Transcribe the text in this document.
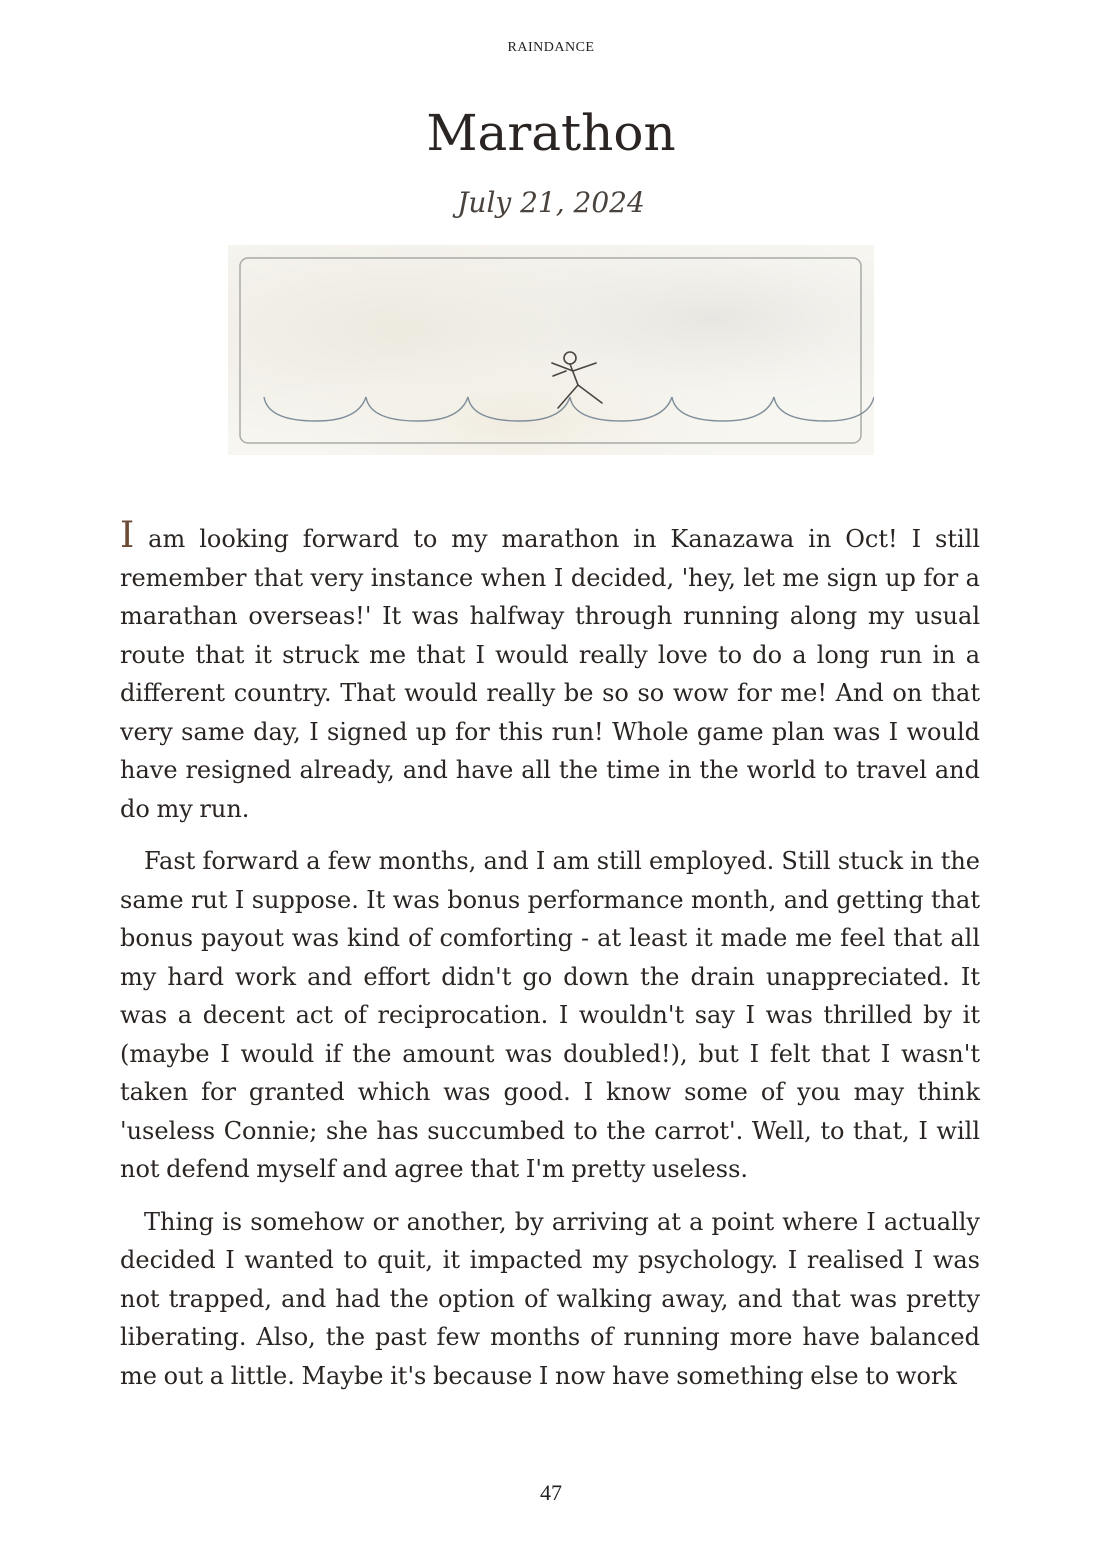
RAINDANCE
Marathon
July 21, 2024

I am looking forward to my marathon in Kanazawa in Oct! I still remember that very instance when I decided, 'hey, let me sign up for a marathan overseas!' It was halfway through running along my usual route that it struck me that I would really love to do a long run in a different country. That would really be so so wow for me! And on that very same day, I signed up for this run! Whole game plan was I would have resigned already, and have all the time in the world to travel and do my run.

Fast forward a few months, and I am still employed. Still stuck in the same rut I suppose. It was bonus performance month, and getting that bonus payout was kind of comforting - at least it made me feel that all my hard work and effort didn't go down the drain unappreciated. It was a decent act of reciprocation. I wouldn't say I was thrilled by it (maybe I would if the amount was doubled!), but I felt that I wasn't taken for granted which was good. I know some of you may think 'useless Connie; she has succumbed to the carrot'. Well, to that, I will not defend myself and agree that I'm pretty useless.

Thing is somehow or another, by arriving at a point where I actually decided I wanted to quit, it impacted my psychology. I realised I was not trapped, and had the option of walking away, and that was pretty liberating. Also, the past few months of running more have balanced me out a little. Maybe it's because I now have something else to work

47
